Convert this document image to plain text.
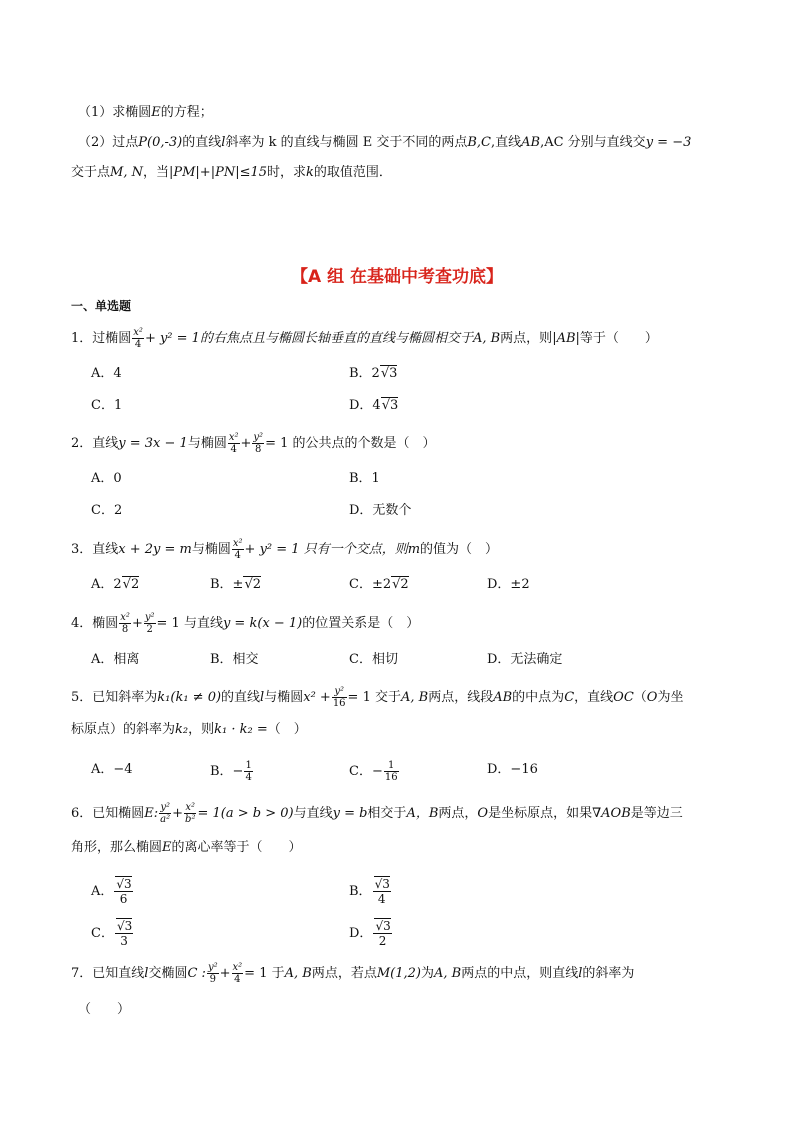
（1）求椭圆E的方程；
（2）过点P(0,-3)的直线l斜率为 k 的直线与椭圆 E 交于不同的两点B,C,直线AB,AC 分别与直线交y = −3
交于点M, N，当|PM|+|PN|≤15时，求k的取值范围．
【A 组 在基础中考查功底】
一、单选题
1．过椭圆 $\frac{\text{x²}}{4} + y^2 = 1$的右焦点且与椭圆长轴垂直的直线与椭圆相交于A, B两点，则|AB|等于（　　）
A．4	B．2√3
C．1	D．4√3
2．直线y = 3x − 1与椭圆 $\frac{\text{x²}}{4} + \frac{\text{y²}}{8} = 1$ 的公共点的个数是（　）
A．0	B．1
C．2	D．无数个
3．直线x + 2y = m与椭圆 $\frac{\text{x²}}{4} + y^2 = 1$ 只有一个交点，则m的值为（　）
A．2√2	B．±√2	C．±2√2	D．±2
4．椭圆 $\frac{\text{x²}}{8} + \frac{\text{y²}}{2} = 1$ 与直线y = k(x − 1)的位置关系是（　）
A．相离	B．相交	C．相切	D．无法确定
5．已知斜率为k₁(k₁ ≠ 0)的直线l与椭圆$x^2 + \frac{\text{y²}}{16} = 1$ 交于A, B两点，线段AB的中点为C，直线OC（O为坐
标原点）的斜率为k₂，则k₁ · k₂ =（　）
A．−4	B．− $\frac{1}{4}$	C．− $\frac{1}{16}$	D．−16
6．已知椭圆E: $\frac{\text{y²}}{\text{a²}} + \frac{\text{x²}}{\text{b²}} = 1(a > b > 0)$与直线y = b相交于A，B两点，O是坐标原点，如果∇AOB是等边三
角形，那么椭圆E的离心率等于（　　）
A． $\frac{√3}{6}$	B． $\frac{√3}{4}$
C． $\frac{√3}{3}$	D． $\frac{√3}{2}$
7．已知直线l交椭圆C : $\frac{\text{y²}}{9} + \frac{\text{x²}}{4} = 1$ 于A, B两点，若点M(1,2)为A, B两点的中点，则直线l的斜率为
（　　）
